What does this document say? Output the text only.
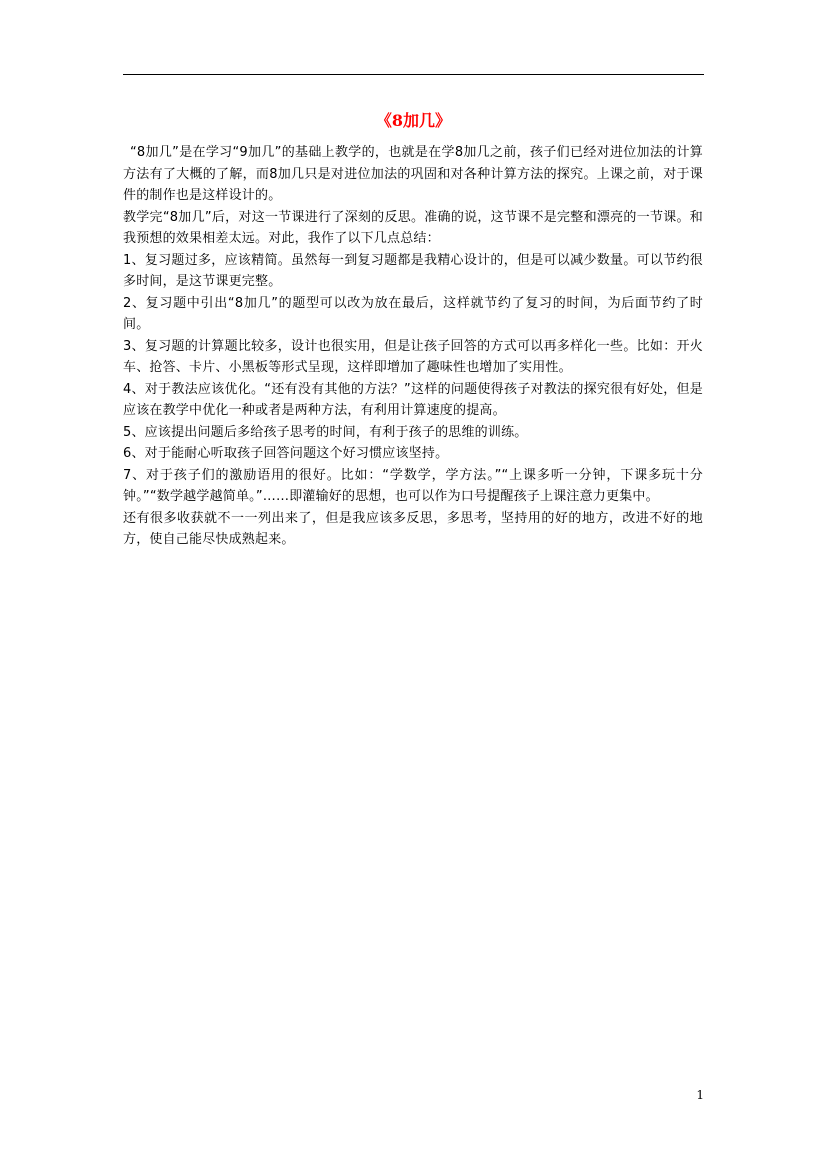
《8加几》

“8加几”是在学习“9加几”的基础上教学的，也就是在学8加几之前，孩子们已经对进位加法的计算方法有了大概的了解，而8加几只是对进位加法的巩固和对各种计算方法的探究。上课之前，对于课件的制作也是这样设计的。

教学完“8加几”后，对这一节课进行了深刻的反思。准确的说，这节课不是完整和漂亮的一节课。和我预想的效果相差太远。对此，我作了以下几点总结：

1、复习题过多，应该精简。虽然每一到复习题都是我精心设计的，但是可以减少数量。可以节约很多时间，是这节课更完整。

2、复习题中引出“8加几”的题型可以改为放在最后，这样就节约了复习的时间，为后面节约了时间。

3、复习题的计算题比较多，设计也很实用，但是让孩子回答的方式可以再多样化一些。比如：开火车、抢答、卡片、小黑板等形式呈现，这样即增加了趣味性也增加了实用性。

4、对于教法应该优化。“还有没有其他的方法？”这样的问题使得孩子对教法的探究很有好处，但是应该在教学中优化一种或者是两种方法，有利用计算速度的提高。

5、应该提出问题后多给孩子思考的时间，有利于孩子的思维的训练。

6、对于能耐心听取孩子回答问题这个好习惯应该坚持。

7、对于孩子们的激励语用的很好。比如：“学数学，学方法。”“上课多听一分钟，下课多玩十分钟。”“数学越学越简单。”……即灌输好的思想，也可以作为口号提醒孩子上课注意力更集中。

还有很多收获就不一一列出来了，但是我应该多反思，多思考，坚持用的好的地方，改进不好的地方，使自己能尽快成熟起来。

1
